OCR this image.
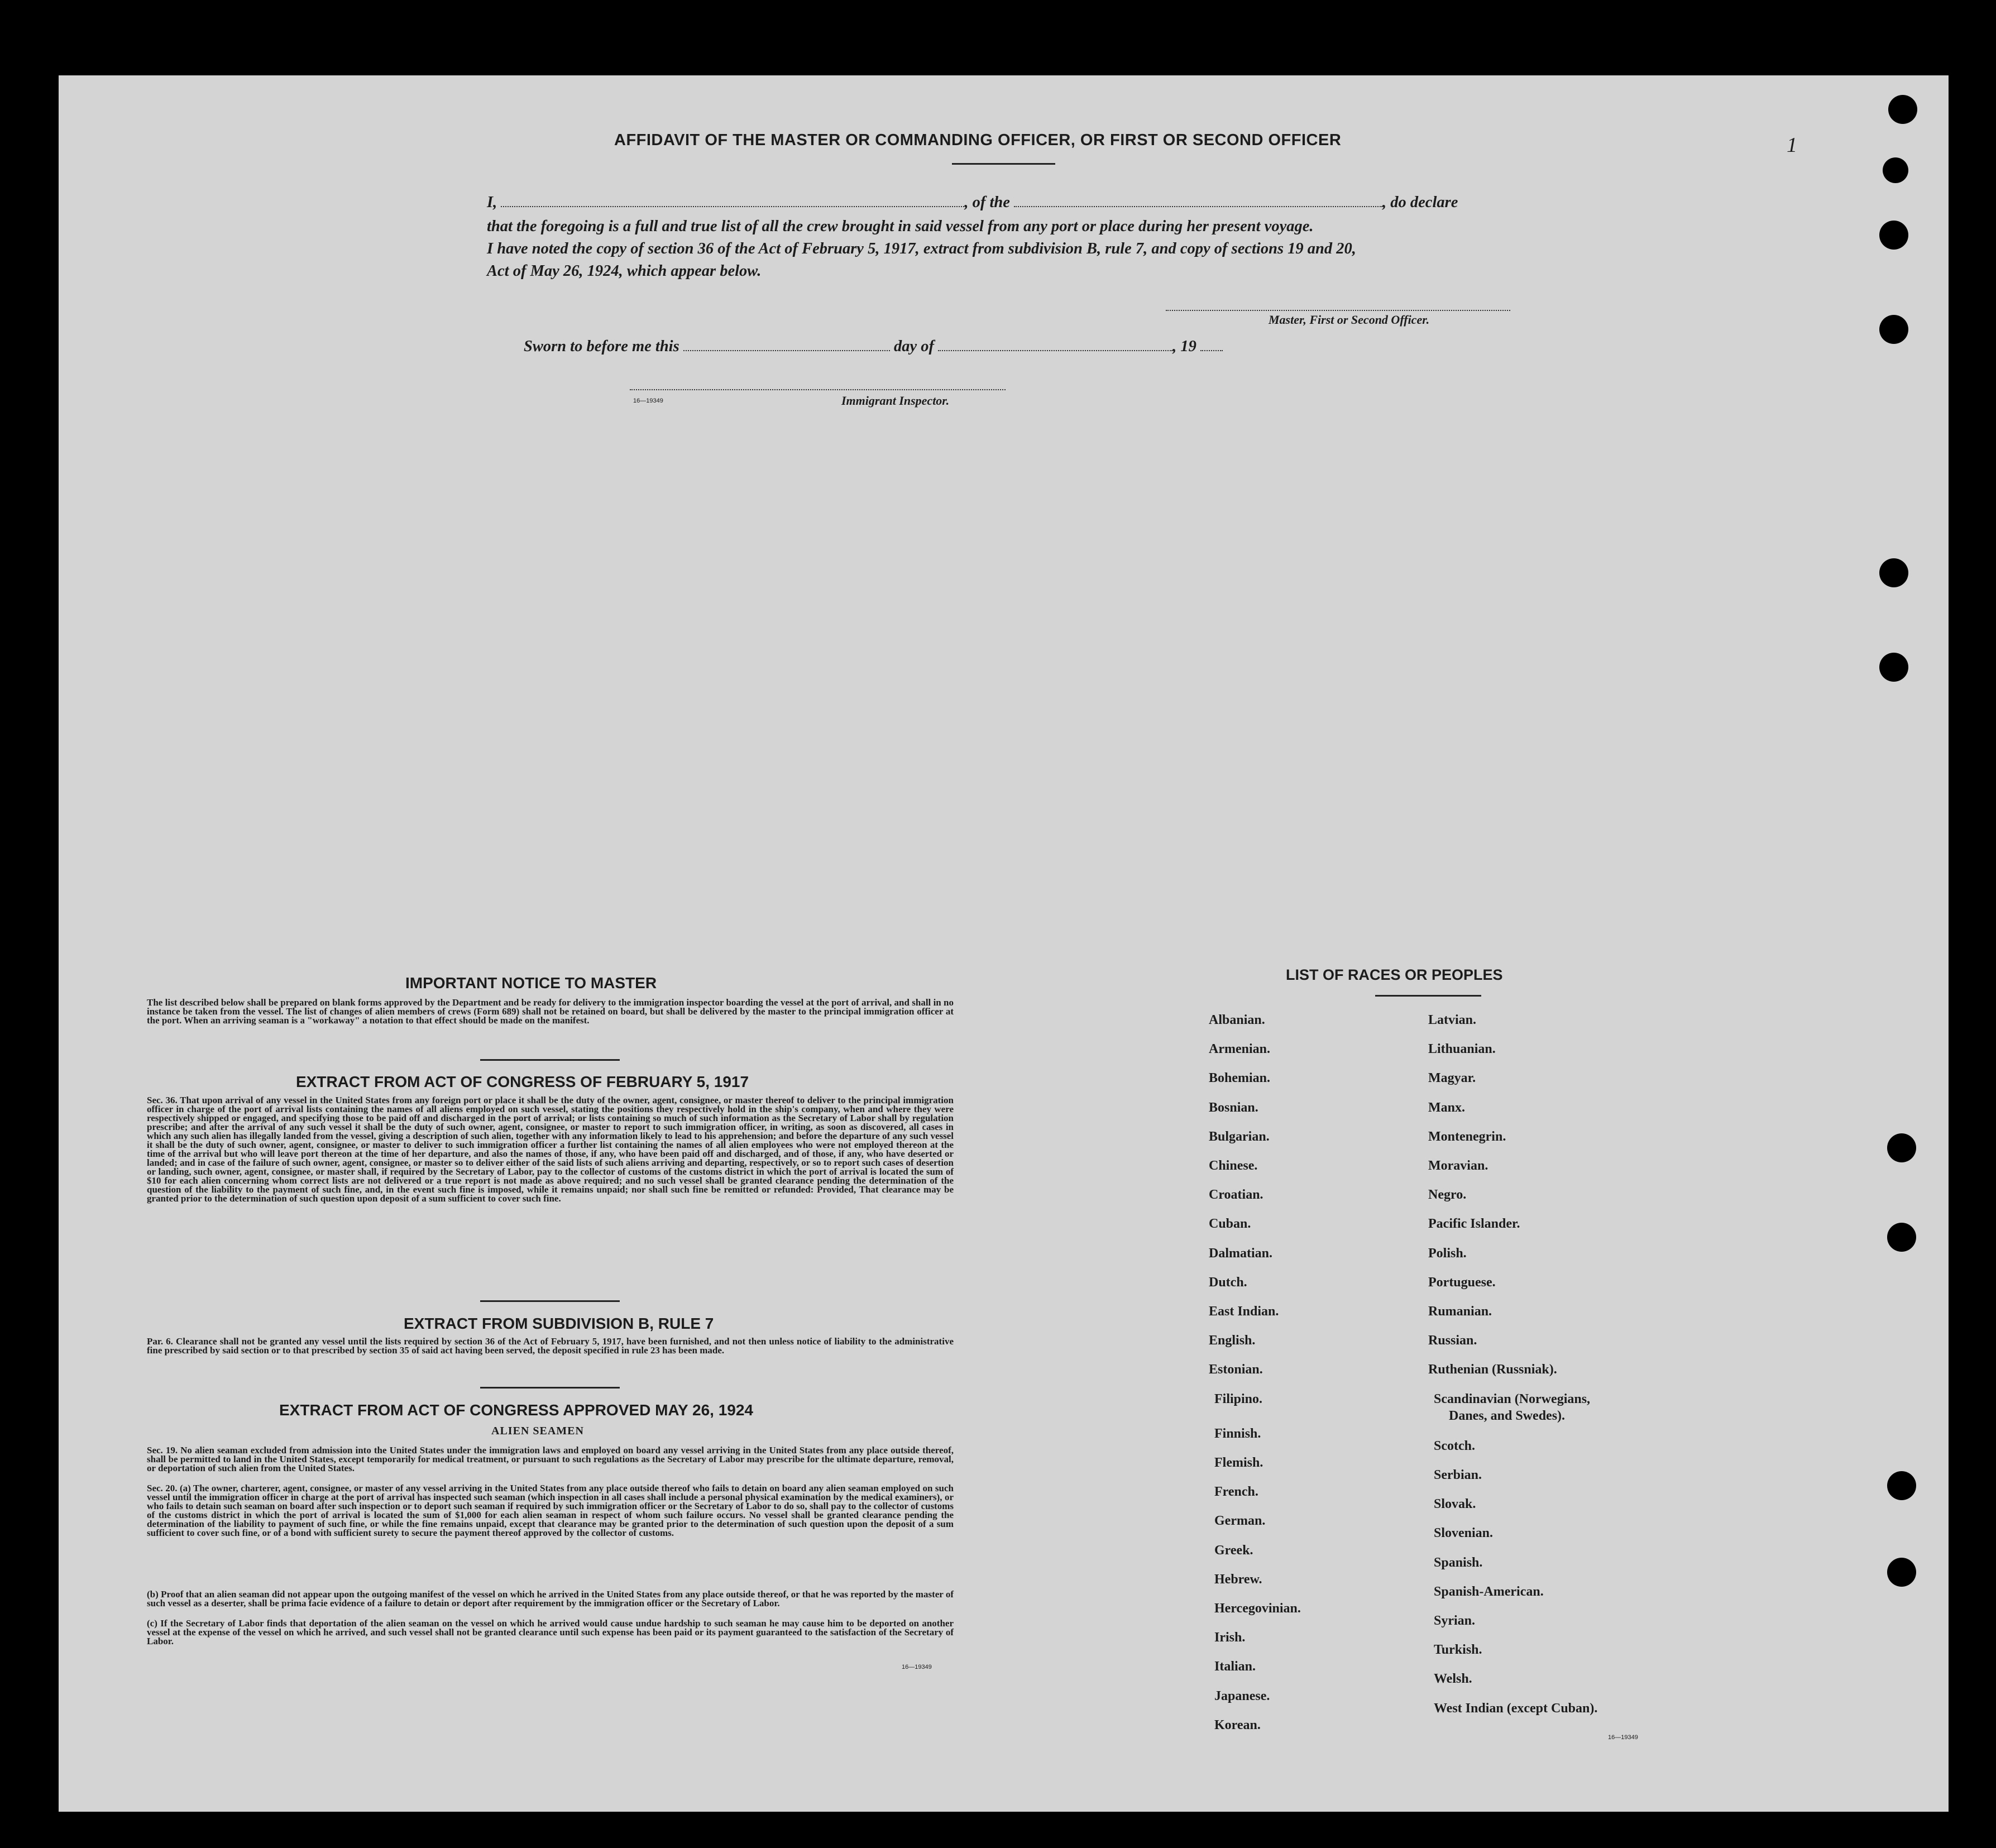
1
AFFIDAVIT OF THE MASTER OR COMMANDING OFFICER, OR FIRST OR SECOND OFFICER
I,	, of the	, do declare
that the foregoing is a full and true list of all the crew brought in said vessel from any port or place during her present voyage.
I have noted the copy of section 36 of the Act of February 5, 1917, extract from subdivision B, rule 7, and copy of sections 19 and 20,
Act of May 26, 1924, which appear below.
Master, First or Second Officer.
Sworn to before me this	day of	, 19
16—19349	Immigrant Inspector.
IMPORTANT NOTICE TO MASTER
The list described below shall be prepared on blank forms approved by the Department and be ready for delivery to the immigration inspector boarding the vessel at the port of arrival, and shall in no instance be taken from the vessel. The list of changes of alien members of crews (Form 689) shall not be retained on board, but shall be delivered by the master to the principal immigration officer at the port. When an arriving seaman is a "workaway" a notation to that effect should be made on the manifest.
EXTRACT FROM ACT OF CONGRESS OF FEBRUARY 5, 1917
Sec. 36. That upon arrival of any vessel in the United States from any foreign port or place it shall be the duty of the owner, agent, consignee, or master thereof to deliver to the principal immigration officer in charge of the port of arrival lists containing the names of all aliens employed on such vessel, stating the positions they respectively hold in the ship's company, when and where they were respectively shipped or engaged, and specifying those to be paid off and discharged in the port of arrival; or lists containing so much of such information as the Secretary of Labor shall by regulation prescribe; and after the arrival of any such vessel it shall be the duty of such owner, agent, consignee, or master to report to such immigration officer, in writing, as soon as discovered, all cases in which any such alien has illegally landed from the vessel, giving a description of such alien, together with any information likely to lead to his apprehension; and before the departure of any such vessel it shall be the duty of such owner, agent, consignee, or master to deliver to such immigration officer a further list containing the names of all alien employees who were not employed thereon at the time of the arrival but who will leave port thereon at the time of her departure, and also the names of those, if any, who have been paid off and discharged, and of those, if any, who have deserted or landed; and in case of the failure of such owner, agent, consignee, or master so to deliver either of the said lists of such aliens arriving and departing, respectively, or so to report such cases of desertion or landing, such owner, agent, consignee, or master shall, if required by the Secretary of Labor, pay to the collector of customs of the customs district in which the port of arrival is located the sum of $10 for each alien concerning whom correct lists are not delivered or a true report is not made as above required; and no such vessel shall be granted clearance pending the determination of the question of the liability to the payment of such fine, and, in the event such fine is imposed, while it remains unpaid; nor shall such fine be remitted or refunded: Provided, That clearance may be granted prior to the determination of such question upon deposit of a sum sufficient to cover such fine.
EXTRACT FROM SUBDIVISION B, RULE 7
Par. 6. Clearance shall not be granted any vessel until the lists required by section 36 of the Act of February 5, 1917, have been furnished, and not then unless notice of liability to the administrative fine prescribed by said section or to that prescribed by section 35 of said act having been served, the deposit specified in rule 23 has been made.
EXTRACT FROM ACT OF CONGRESS APPROVED MAY 26, 1924
ALIEN SEAMEN
Sec. 19. No alien seaman excluded from admission into the United States under the immigration laws and employed on board any vessel arriving in the United States from any place outside thereof, shall be permitted to land in the United States, except temporarily for medical treatment, or pursuant to such regulations as the Secretary of Labor may prescribe for the ultimate departure, removal, or deportation of such alien from the United States.
Sec. 20. (a) The owner, charterer, agent, consignee, or master of any vessel arriving in the United States from any place outside thereof who fails to detain on board any alien seaman employed on such vessel until the immigration officer in charge at the port of arrival has inspected such seaman (which inspection in all cases shall include a personal physical examination by the medical examiners), or who fails to detain such seaman on board after such inspection or to deport such seaman if required by such immigration officer or the Secretary of Labor to do so, shall pay to the collector of customs of the customs district in which the port of arrival is located the sum of $1,000 for each alien seaman in respect of whom such failure occurs. No vessel shall be granted clearance pending the determination of the liability to payment of such fine, or while the fine remains unpaid, except that clearance may be granted prior to the determination of such question upon the deposit of a sum sufficient to cover such fine, or of a bond with sufficient surety to secure the payment thereof approved by the collector of customs.
(b) Proof that an alien seaman did not appear upon the outgoing manifest of the vessel on which he arrived in the United States from any place outside thereof, or that he was reported by the master of such vessel as a deserter, shall be prima facie evidence of a failure to detain or deport after requirement by the immigration officer or the Secretary of Labor.
(c) If the Secretary of Labor finds that deportation of the alien seaman on the vessel on which he arrived would cause undue hardship to such seaman he may cause him to be deported on another vessel at the expense of the vessel on which he arrived, and such vessel shall not be granted clearance until such expense has been paid or its payment guaranteed to the satisfaction of the Secretary of Labor.
16—19349
LIST OF RACES OR PEOPLES
Albanian.
Armenian.
Bohemian.
Bosnian.
Bulgarian.
Chinese.
Croatian.
Cuban.
Dalmatian.
Dutch.
East Indian.
English.
Estonian.
Filipino.
Finnish.
Flemish.
French.
German.
Greek.
Hebrew.
Hercegovinian.
Irish.
Italian.
Japanese.
Korean.
Latvian.
Lithuanian.
Magyar.
Manx.
Montenegrin.
Moravian.
Negro.
Pacific Islander.
Polish.
Portuguese.
Rumanian.
Russian.
Ruthenian (Russniak).
Scandinavian (Norwegians,
Danes, and Swedes).
Scotch.
Serbian.
Slovak.
Slovenian.
Spanish.
Spanish-American.
Syrian.
Turkish.
Welsh.
West Indian (except Cuban).
16—19349
